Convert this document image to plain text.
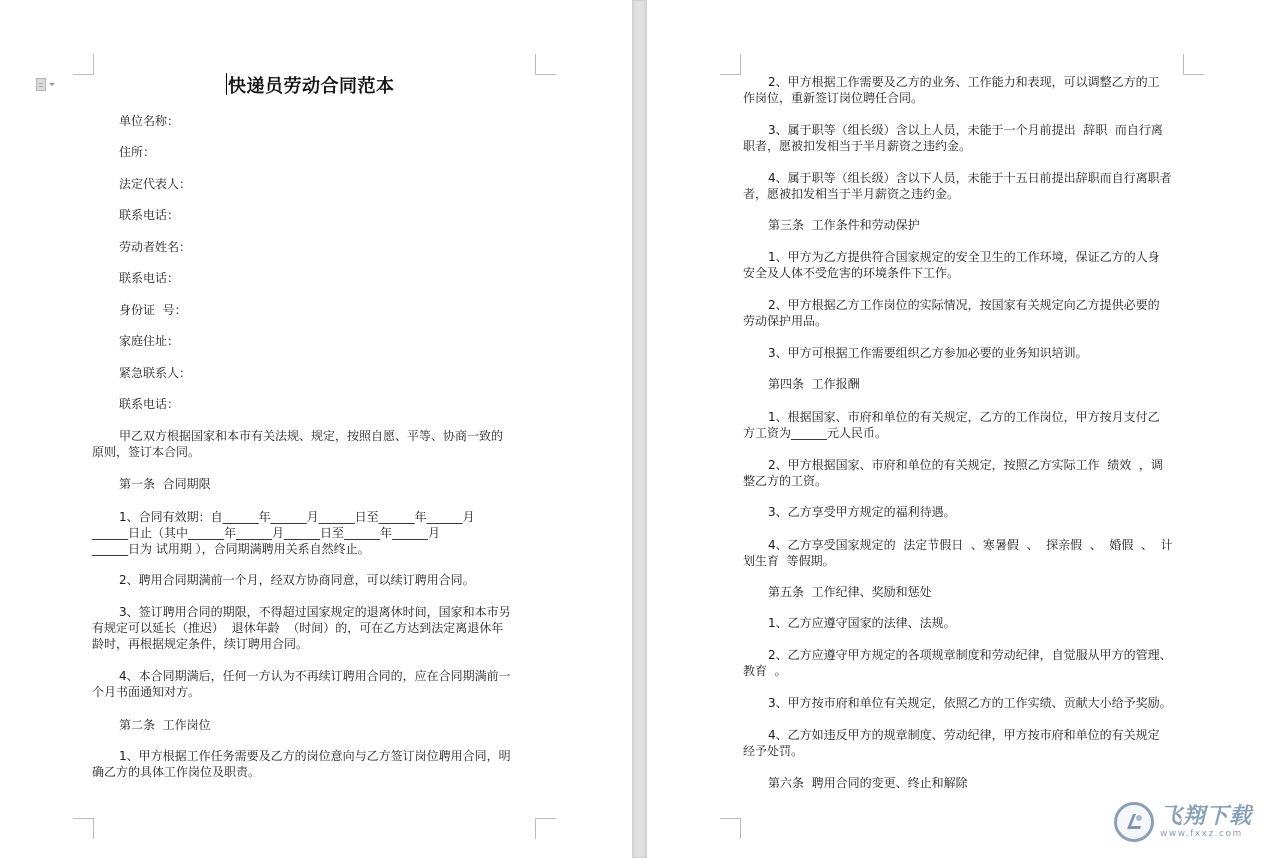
快递员劳动合同范本

单位名称：

住所：

法定代表人：

联系电话：

劳动者姓名：

联系电话：

身份证  号：

家庭住址：

紧急联系人：

联系电话：

甲乙双方根据国家和本市有关法规、规定，按照自愿、平等、协商一致的

原则，签订本合同。

第一条  合同期限

1、合同有效期：自______年______月______日至______年______月

______日止（其中______年______月______日至______年______月

______日为 试用期 ），合同期满聘用关系自然终止。

2、聘用合同期满前一个月，经双方协商同意，可以续订聘用合同。

3、签订聘用合同的期限，不得超过国家规定的退离休时间，国家和本市另

有规定可以延长（推迟）  退休年龄  （时间）的，可在乙方达到法定离退休年

龄时，再根据规定条件，续订聘用合同。

4、本合同期满后，任何一方认为不再续订聘用合同的，应在合同期满前一

个月书面通知对方。

第二条  工作岗位

1、甲方根据工作任务需要及乙方的岗位意向与乙方签订岗位聘用合同，明

确乙方的具体工作岗位及职责。

2、甲方根据工作需要及乙方的业务、工作能力和表现，可以调整乙方的工

作岗位，重新签订岗位聘任合同。

3、属于职等（组长级）含以上人员，未能于一个月前提出  辞职  而自行离

职者，愿被扣发相当于半月薪资之违约金。

4、属于职等（组长级）含以下人员，未能于十五日前提出辞职而自行离职者

者，愿被扣发相当于半月薪资之违约金。

第三条  工作条件和劳动保护

1、甲方为乙方提供符合国家规定的安全卫生的工作环境，保证乙方的人身

安全及人体不受危害的环境条件下工作。

2、甲方根据乙方工作岗位的实际情况，按国家有关规定向乙方提供必要的

劳动保护用品。

3、甲方可根据工作需要组织乙方参加必要的业务知识培训。

第四条  工作报酬

1、根据国家、市府和单位的有关规定，乙方的工作岗位，甲方按月支付乙

方工资为______元人民币。

2、甲方根据国家、市府和单位的有关规定，按照乙方实际工作  绩效  ，调

整乙方的工资。

3、乙方享受甲方规定的福利待遇。

4、乙方享受国家规定的  法定节假日  、寒暑假  、  探亲假  、  婚假  、  计

划生育  等假期。

第五条  工作纪律、奖励和惩处

1、乙方应遵守国家的法律、法规。

2、乙方应遵守甲方规定的各项规章制度和劳动纪律，自觉服从甲方的管理、

教育  。

3、甲方按市府和单位有关规定，依照乙方的工作实绩、贡献大小给予奖励。

4、乙方如违反甲方的规章制度、劳动纪律，甲方按市府和单位的有关规定

经予处罚。

第六条  聘用合同的变更、终止和解除

飞翔下载
www.fxxz.com
